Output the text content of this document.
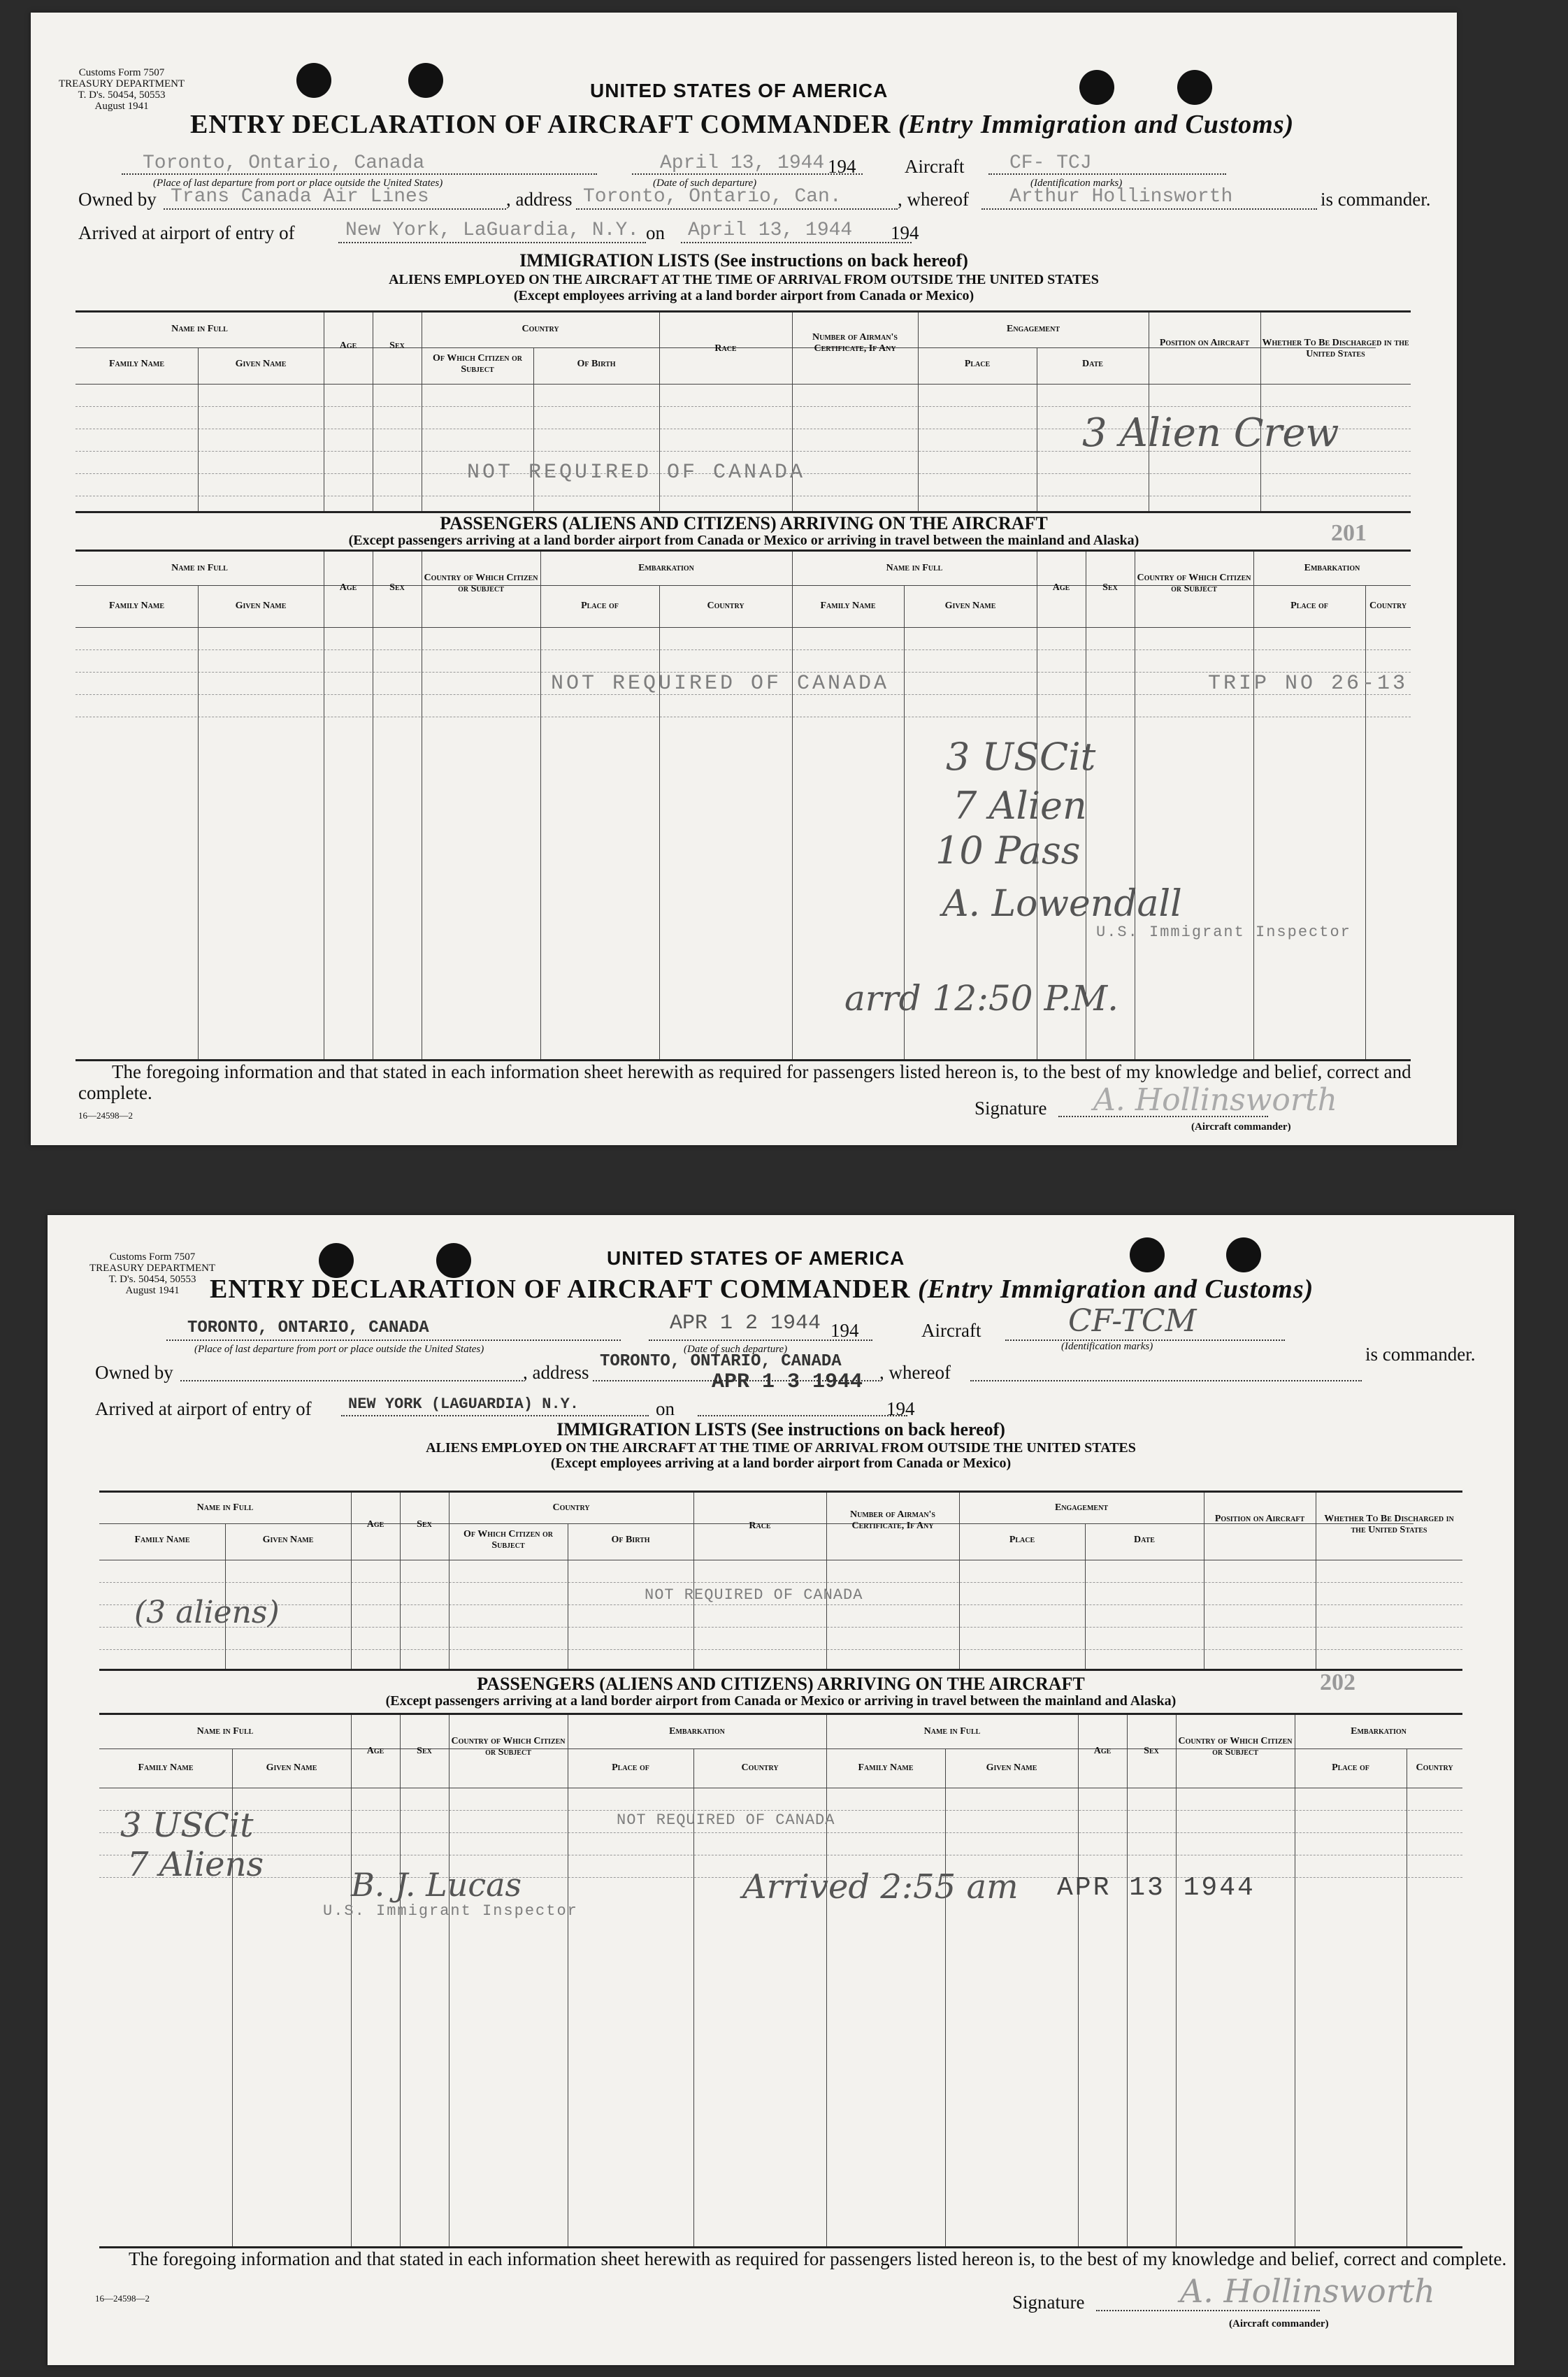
Customs Form 7507
TREASURY DEPARTMENT
T. D's. 50454, 50553
August 1941
UNITED STATES OF AMERICA
ENTRY DECLARATION OF AIRCRAFT COMMANDER (Entry Immigration and Customs)
Toronto, Ontario, Canada	April 13, 1944 194	Aircraft CF- TCJ
(Place of last departure from port or place outside the United States)	(Date of such departure)	(Identification marks)
Owned by Trans Canada Air Lines	, address Toronto, Ontario, Can.	, whereof Arthur Hollinsworth	is commander.
Arrived at airport of entry of	New York, LaGuardia, N.Y. on April 13, 1944 194
IMMIGRATION LISTS (See instructions on back hereof)
ALIENS EMPLOYED ON THE AIRCRAFT AT THE TIME OF ARRIVAL FROM OUTSIDE THE UNITED STATES
(Except employees arriving at a land border airport from Canada or Mexico)
Name in Full
Family Name	Given Name
Age	Sex
Country
Of Which Citizen or Subject
Of Birth
Race
Number of Airman's Certificate, If Any
Engagement
Place	Date
Position on Aircraft	Whether To Be Discharged in the United States
NOT REQUIRED OF CANADA
3 Alien Crew
PASSENGERS (ALIENS AND CITIZENS) ARRIVING ON THE AIRCRAFT
(Except passengers arriving at a land border airport from Canada or Mexico or arriving in travel between the mainland and Alaska)	201
Name in Full
Family Name	Given Name
Age	Sex
Country of Which Citizen or Subject
Embarkation
Place of	Country
Name in Full
Family Name	Given Name
Age	Sex
Country of Which Citizen or Subject
Embarkation
Place of	Country
NOT REQUIRED OF CANADA	TRIP NO 26-13
3 USCit
7 Alien
10 Pass
A. Lowendall
U.S. Immigrant Inspector
arrd 12:50 P.M.
The foregoing information and that stated in each information sheet herewith as required for passengers listed hereon is, to the best of my knowledge and belief, correct and complete.
16—24598—2	Signature A. Hollinsworth
(Aircraft commander)
Customs Form 7507
TREASURY DEPARTMENT
T. D's. 50454, 50553
August 1941
UNITED STATES OF AMERICA
ENTRY DECLARATION OF AIRCRAFT COMMANDER (Entry Immigration and Customs)
TORONTO, ONTARIO, CANADA	APR 1 2 1944 194	Aircraft	CF-TCM
(Place of last departure from port or place outside the United States)	(Date of such departure)	(Identification marks)
Owned by	, address
TORONTO, ONTARIO, CANADA
, whereof
is commander.
Arrived at airport of entry of NEW YORK (LAGUARDIA) N.Y.	on
APR 1 3 1944
194
IMMIGRATION LISTS (See instructions on back hereof)
ALIENS EMPLOYED ON THE AIRCRAFT AT THE TIME OF ARRIVAL FROM OUTSIDE THE UNITED STATES
(Except employees arriving at a land border airport from Canada or Mexico)
Name in Full
Family Name	Given Name
Age	Sex
Country
Of Which Citizen or Subject
Of Birth
Race
Number of Airman's Certificate, If Any
Engagement
Place	Date
Position on Aircraft	Whether To Be Discharged in the United States
NOT REQUIRED OF CANADA
(3 aliens)
PASSENGERS (ALIENS AND CITIZENS) ARRIVING ON THE AIRCRAFT
(Except passengers arriving at a land border airport from Canada or Mexico or arriving in travel between the mainland and Alaska)
202
Name in Full
Family Name	Given Name
Age	Sex
Country of Which Citizen or Subject
Embarkation
Place of	Country
Name in Full
Family Name	Given Name
Age	Sex
Country of Which Citizen or Subject
Embarkation
Place of	Country
NOT REQUIRED OF CANADA
3 USCit
7 Aliens
B. J. Lucas
U.S. Immigrant Inspector
Arrived 2:55 am APR 13 1944
The foregoing information and that stated in each information sheet herewith as required for passengers listed hereon is, to the best of my knowledge and belief, correct and complete.
16—24598—2	Signature	A. Hollinsworth
(Aircraft commander)
